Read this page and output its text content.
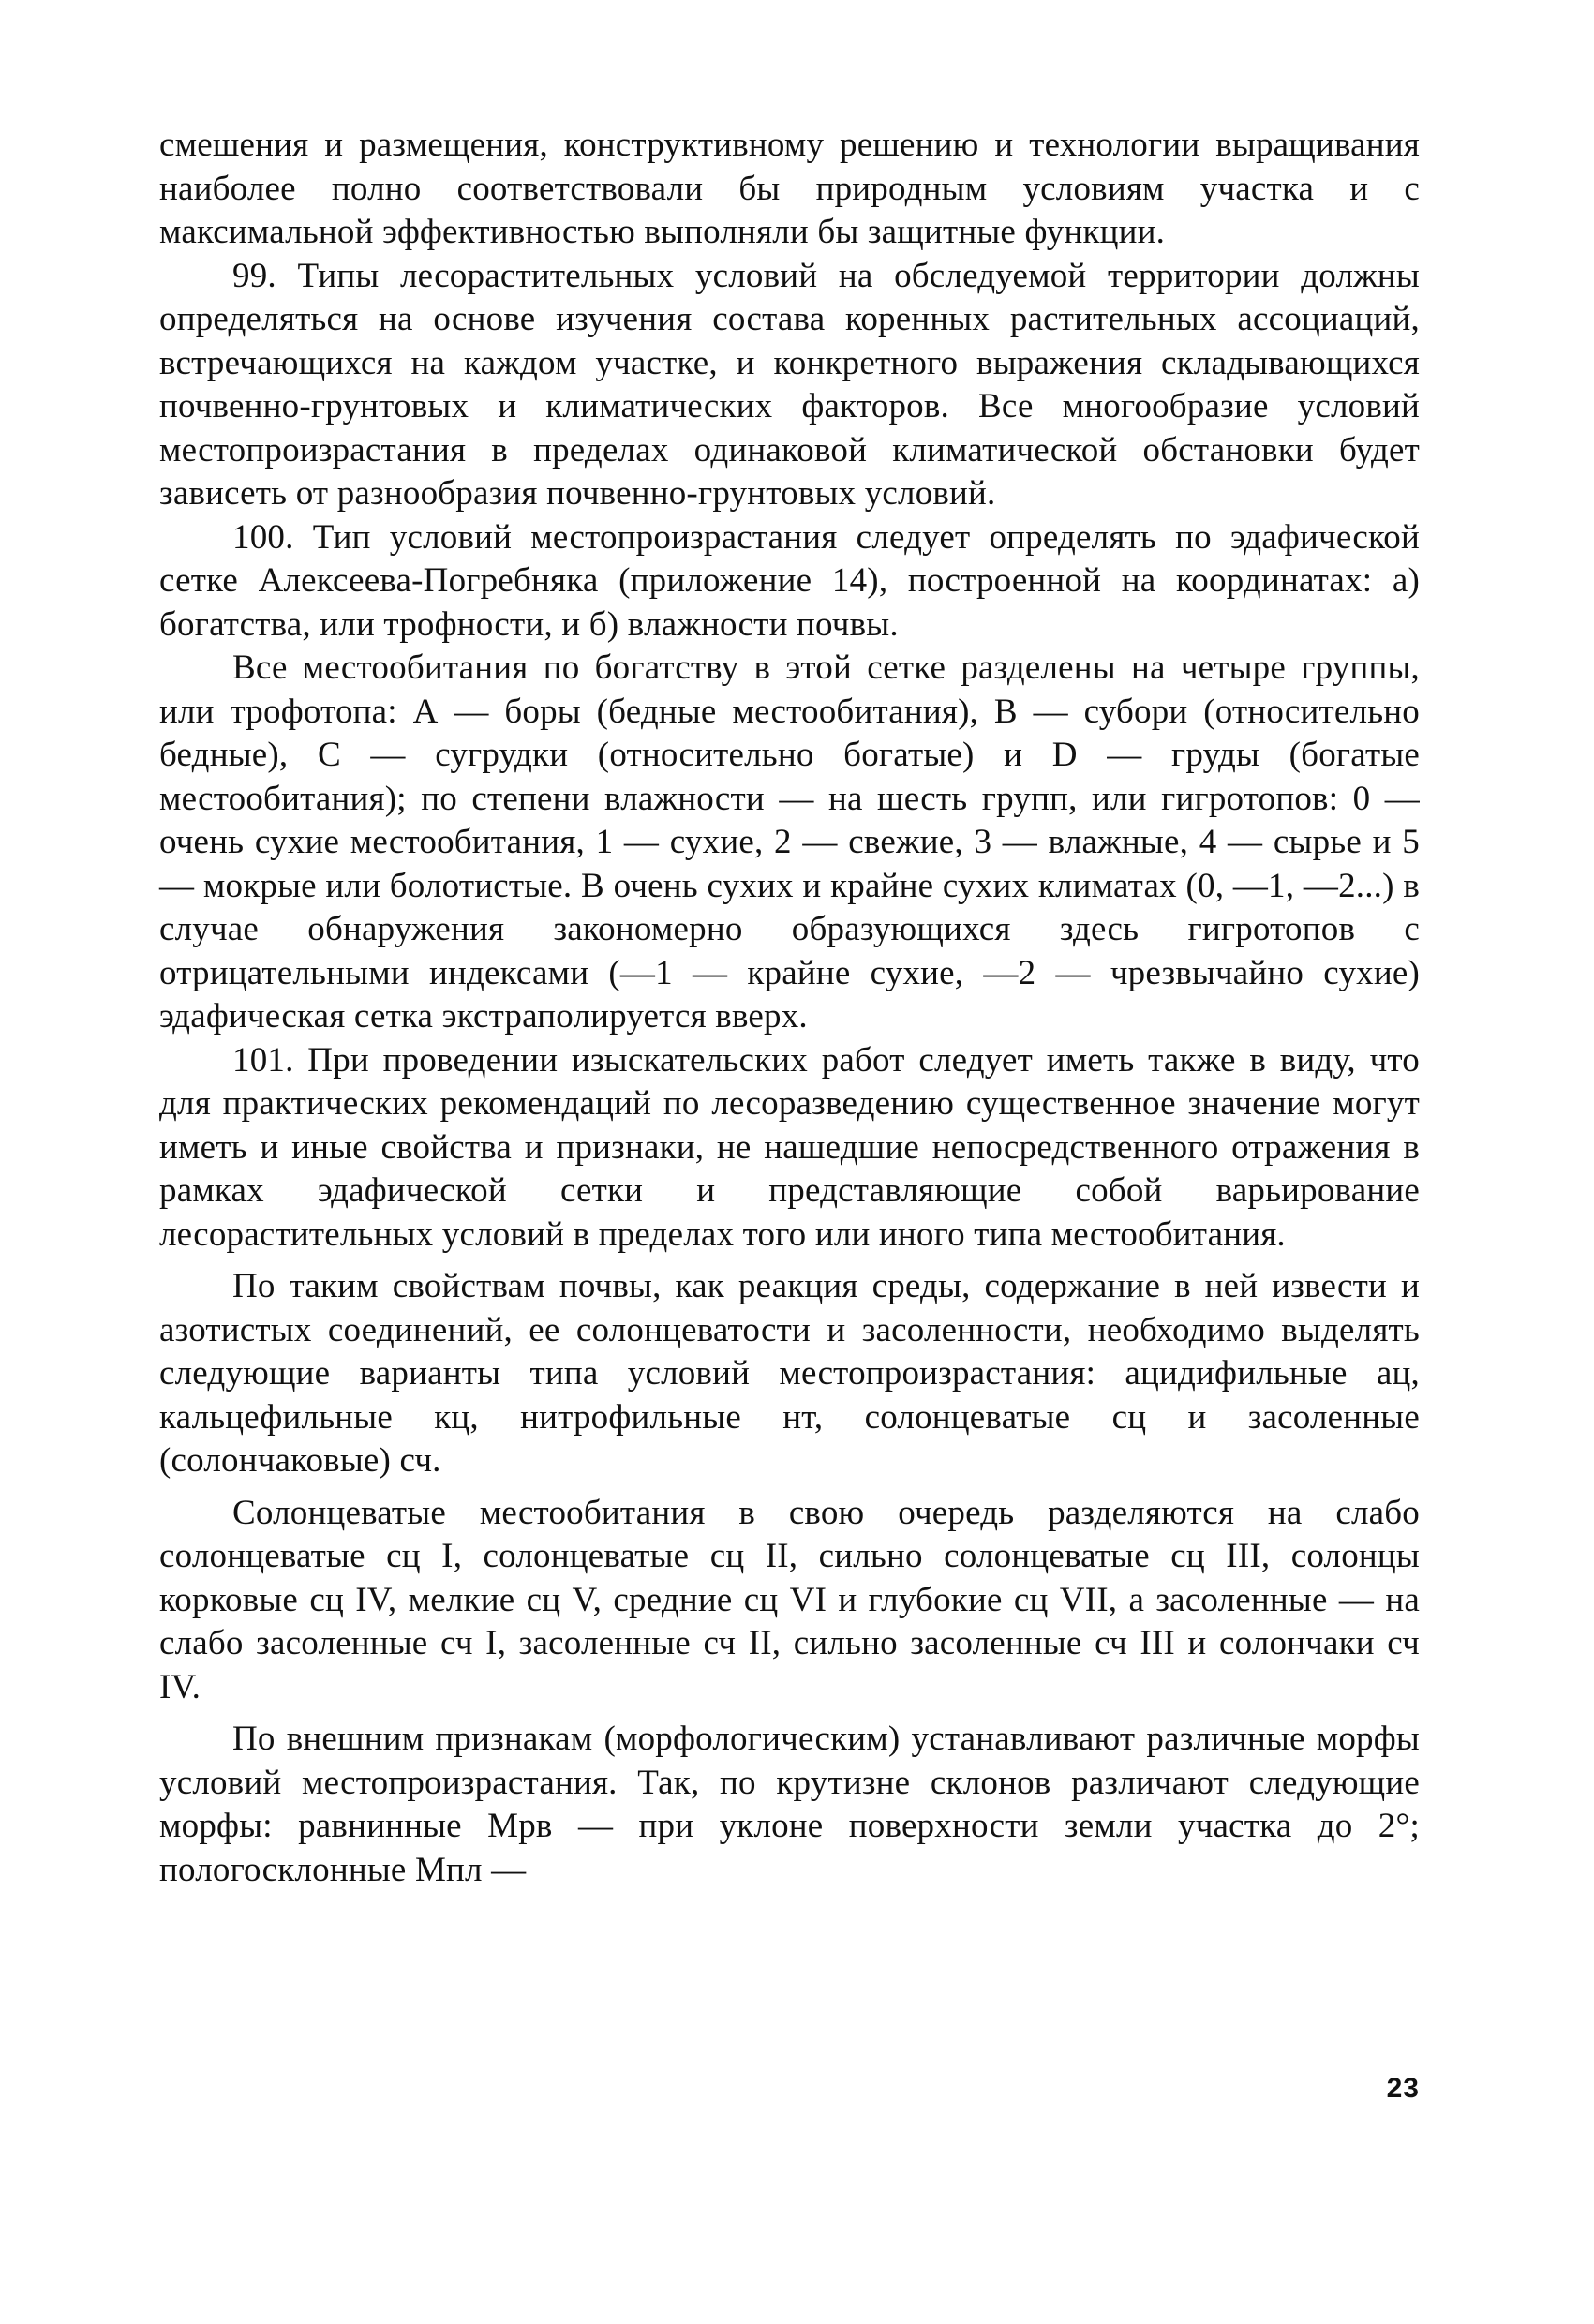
смешения и размещения, конструктивному решению и технологии выращивания наиболее полно соответствовали бы природным условиям участка и с максимальной эффективностью выполняли бы защитные функции.

99. Типы лесорастительных условий на обследуемой территории должны определяться на основе изучения состава коренных растительных ассоциаций, встречающихся на каждом участке, и конкретного выражения складывающихся почвенно-грунтовых и климатических факторов. Все многообразие условий местопроизрастания в пределах одинаковой климатической обстановки будет зависеть от разнообразия почвенно-грунтовых условий.

100. Тип условий местопроизрастания следует определять по эдафической сетке Алексеева-Погребняка (приложение 14), построенной на координатах: а) богатства, или трофности, и б) влажности почвы.

Все местообитания по богатству в этой сетке разделены на четыре группы, или трофотопа: А — боры (бедные местообитания), В — субори (относительно бедные), С — сугрудки (относительно богатые) и D — груды (богатые местообитания); по степени влажности — на шесть групп, или гигротопов: 0 — очень сухие местообитания, 1 — сухие, 2 — свежие, 3 — влажные, 4 — сырье и 5 — мокрые или болотистые. В очень сухих и крайне сухих климатах (0, —1, —2...) в случае обнаружения закономерно образующихся здесь гигротопов с отрицательными индексами (—1 — крайне сухие, —2 — чрезвычайно сухие) эдафическая сетка экстраполируется вверх.

101. При проведении изыскательских работ следует иметь также в виду, что для практических рекомендаций по лесоразведению существенное значение могут иметь и иные свойства и признаки, не нашедшие непосредственного отражения в рамках эдафической сетки и представляющие собой варьирование лесорастительных условий в пределах того или иного типа местообитания.

По таким свойствам почвы, как реакция среды, содержание в ней извести и азотистых соединений, ее солонцеватости и засоленности, необходимо выделять следующие варианты типа условий местопроизрастания: ацидифильные ац, кальцефильные кц, нитрофильные нт, солонцеватые сц и засоленные (солончаковые) сч.

Солонцеватые местообитания в свою очередь разделяются на слабо солонцеватые сц I, солонцеватые сц II, сильно солонцеватые сц III, солонцы корковые сц IV, мелкие сц V, средние сц VI и глубокие сц VII, а засоленные — на слабо засоленные сч I, засоленные сч II, сильно засоленные сч III и солончаки сч IV.

По внешним признакам (морфологическим) устанавливают различные морфы условий местопроизрастания. Так, по крутизне склонов различают следующие морфы: равнинные Мрв — при уклоне поверхности земли участка до 2°; пологосклонные Мпл —

23
